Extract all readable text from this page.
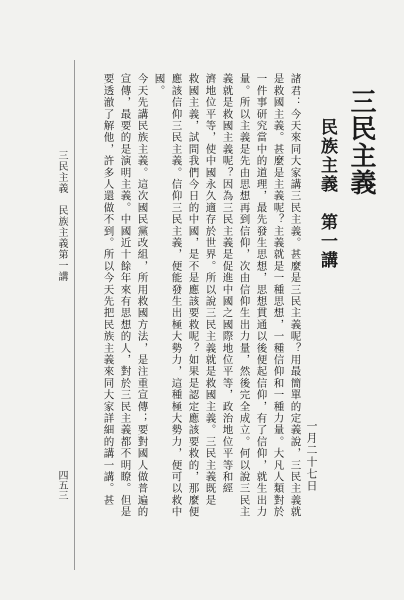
三民主義
民族主義　第一講
一月二十七日
諸君：今天來同大家講三民主義。甚麼是三民主義呢？用最簡單的定義說，三民主義就
是救國主義。甚麼是主義呢？主義就是一種思想，一種信仰和一種力量。大凡人類對於
一件事研究當中的道理，最先發生思想，思想貫通以後便起信仰，有了信仰，就生出力
量。所以主義是先由思想再到信仰，次由信仰生出力量，然後完全成立。何以說三民主
義就是救國主義呢？因為三民主義是促進中國之國際地位平等，政治地位平等和經
濟地位平等，使中國永久適存於世界。所以說三民主義就是救國主義。三民主義既是
救國主義，試問我們今日的中國，是不是應該要救呢？如果是認定應該要救的，那麼便
應該信仰三民主義。信仰三民主義，便能發生出極大勢力，這種極大勢力，便可以救中
國。
今天先講民族主義。這次國民黨改組，所用救國方法，是注重宣傳；要對國人做普遍的
宣傳，最要的是演明主義。中國近十餘年來有思想的人，對於三民主義都不明瞭。但是
要透澈了解他，許多人還做不到。所以今天先把民族主義來同大家詳細的講一講。甚
三民主義　民族主義第一講
四五三
